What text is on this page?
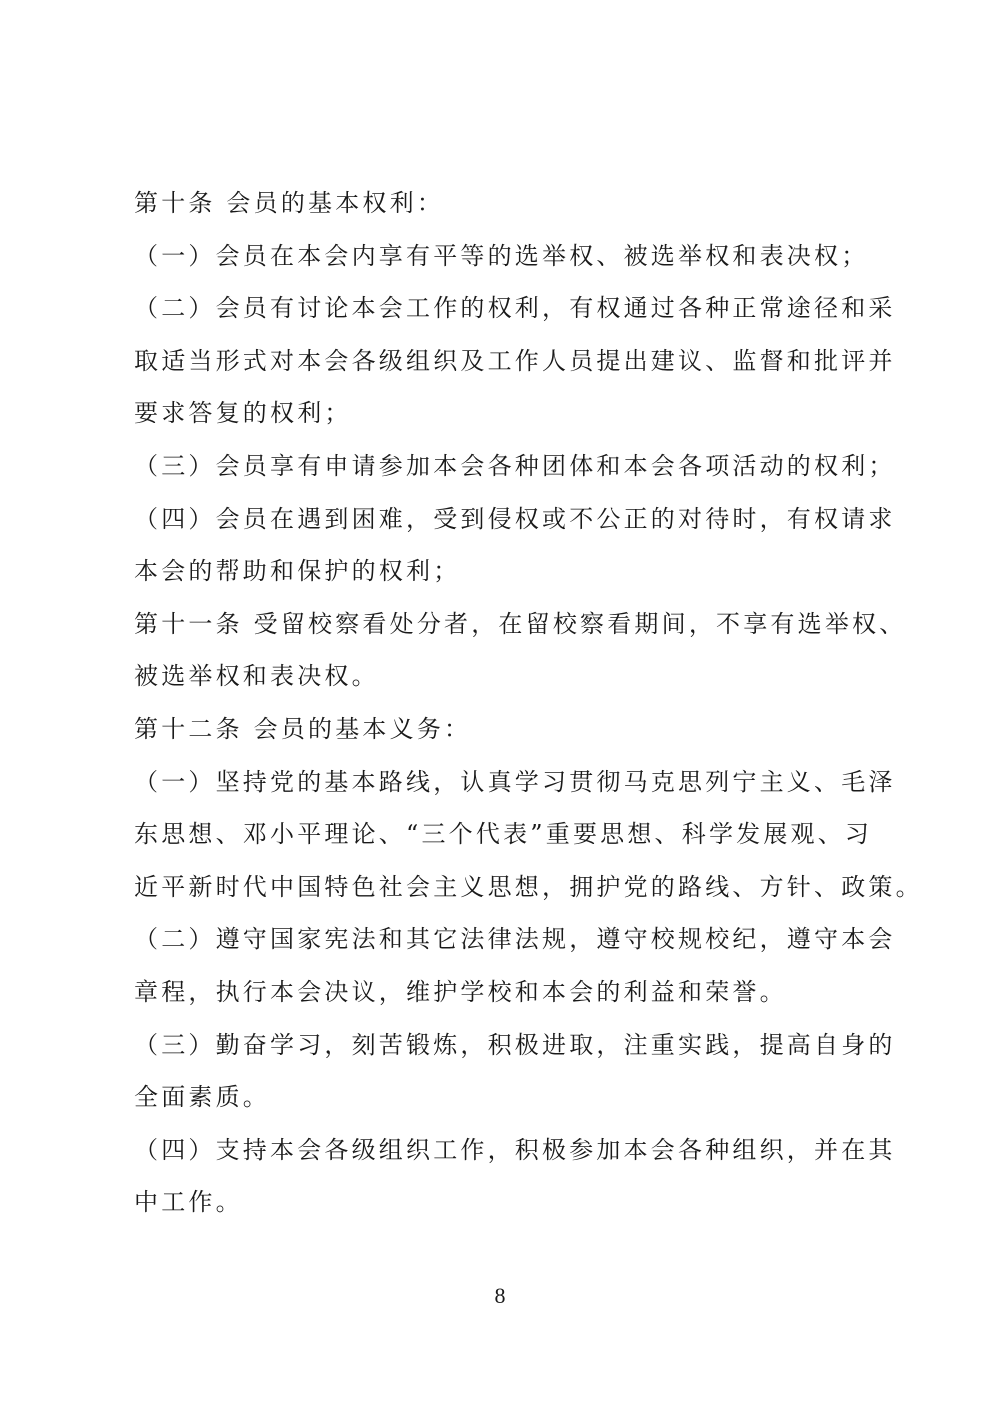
第十条 会员的基本权利：
（一）会员在本会内享有平等的选举权、被选举权和表决权；
（二）会员有讨论本会工作的权利，有权通过各种正常途径和采
取适当形式对本会各级组织及工作人员提出建议、监督和批评并
要求答复的权利；
（三）会员享有申请参加本会各种团体和本会各项活动的权利；
（四）会员在遇到困难，受到侵权或不公正的对待时，有权请求
本会的帮助和保护的权利；
第十一条 受留校察看处分者，在留校察看期间，不享有选举权、
被选举权和表决权。
第十二条 会员的基本义务：
（一）坚持党的基本路线，认真学习贯彻马克思列宁主义、毛泽
东思想、邓小平理论、“三个代表”重要思想、科学发展观、习
近平新时代中国特色社会主义思想，拥护党的路线、方针、政策。
（二）遵守国家宪法和其它法律法规，遵守校规校纪，遵守本会
章程，执行本会决议，维护学校和本会的利益和荣誉。
（三）勤奋学习，刻苦锻炼，积极进取，注重实践，提高自身的
全面素质。
（四）支持本会各级组织工作，积极参加本会各种组织，并在其
中工作。
8
